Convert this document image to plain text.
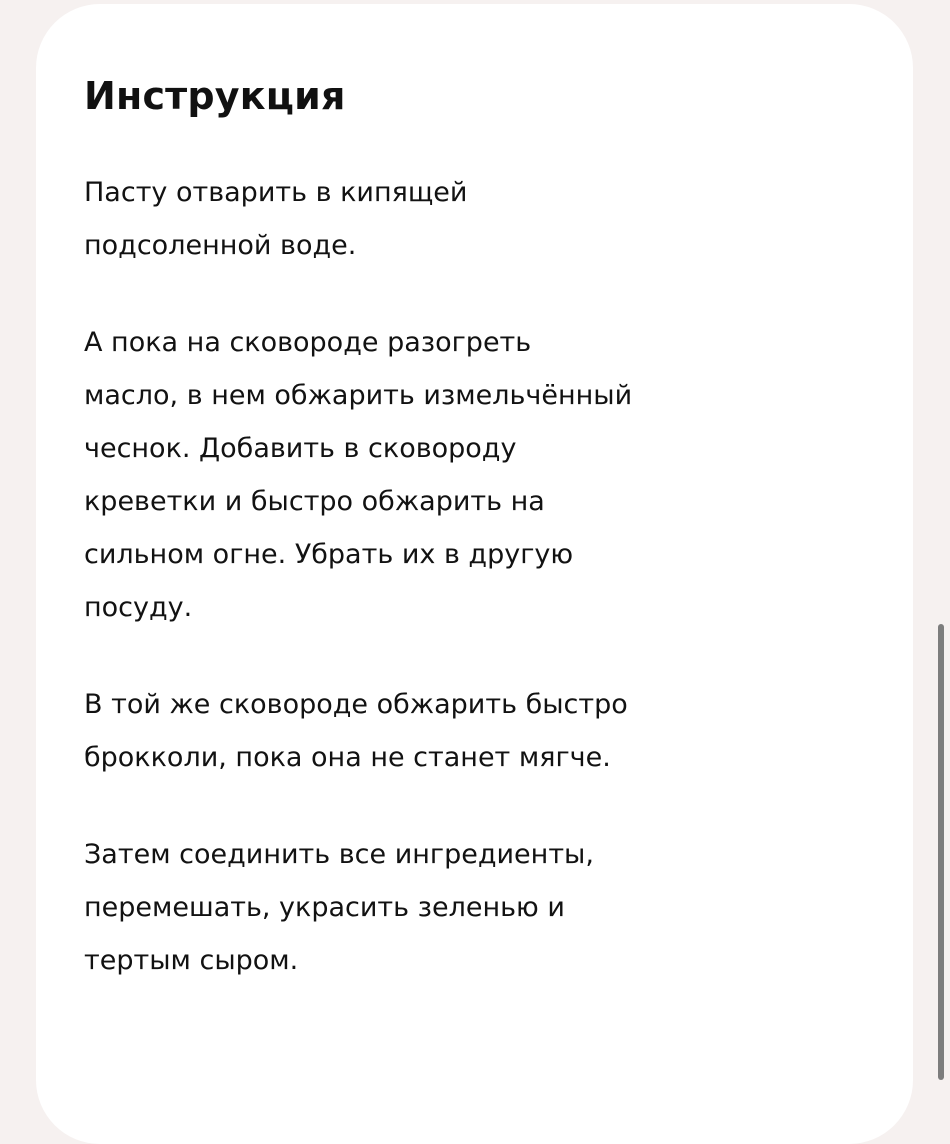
Инструкция

Пасту отварить в кипящей
подсоленной воде.

А пока на сковороде разогреть
масло, в нем обжарить измельчённый
чеснок. Добавить в сковороду
креветки и быстро обжарить на
сильном огне. Убрать их в другую
посуду.

В той же сковороде обжарить быстро
брокколи, пока она не станет мягче.

Затем соединить все ингредиенты,
перемешать, украсить зеленью и
тертым сыром.
